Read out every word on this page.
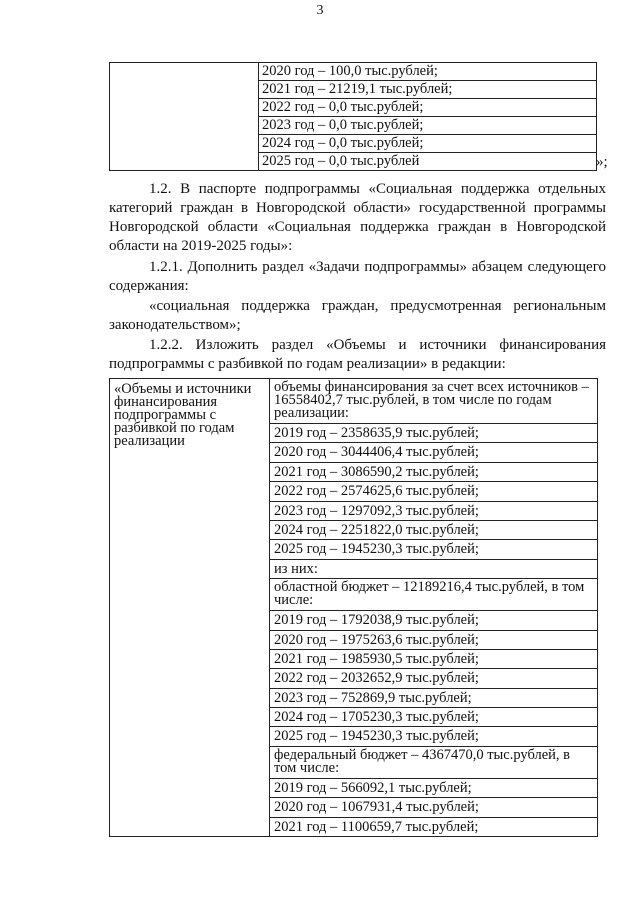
3

2020 год – 100,0 тыс.рублей;
2021 год – 21219,1 тыс.рублей;
2022 год – 0,0 тыс.рублей;
2023 год – 0,0 тыс.рублей;
2024 год – 0,0 тыс.рублей;
2025 год – 0,0 тыс.рублей	»;
1.2. В паспорте подпрограммы «Социальная поддержка отдельных категорий граждан в Новгородской области» государственной программы Новгородской области «Социальная поддержка граждан в Новгородской области на 2019-2025 годы»:
1.2.1. Дополнить раздел «Задачи подпрограммы» абзацем следующего содержания:
«социальная поддержка граждан, предусмотренная региональным законодательством»;
1.2.2. Изложить раздел «Объемы и источники финансирования подпрограммы с разбивкой по годам реализации» в редакции:
«Объемы и источники финансирования подпрограммы с разбивкой по годам реализации	
объемы финансирования за счет всех источников – 16558402,7 тыс.рублей, в том числе по годам реализации:
2019 год – 2358635,9 тыс.рублей;
2020 год – 3044406,4 тыс.рублей;
2021 год – 3086590,2 тыс.рублей;
2022 год – 2574625,6 тыс.рублей;
2023 год – 1297092,3 тыс.рублей;
2024 год – 2251822,0 тыс.рублей;
2025 год – 1945230,3 тыс.рублей;
из них:
областной бюджет – 12189216,4 тыс.рублей, в том числе:
2019 год – 1792038,9 тыс.рублей;
2020 год – 1975263,6 тыс.рублей;
2021 год – 1985930,5 тыс.рублей;
2022 год – 2032652,9 тыс.рублей;
2023 год – 752869,9 тыс.рублей;
2024 год – 1705230,3 тыс.рублей;
2025 год – 1945230,3 тыс.рублей;
федеральный бюджет – 4367470,0 тыс.рублей, в том числе:
2019 год – 566092,1 тыс.рублей;
2020 год – 1067931,4 тыс.рублей;
2021 год – 1100659,7 тыс.рублей;
